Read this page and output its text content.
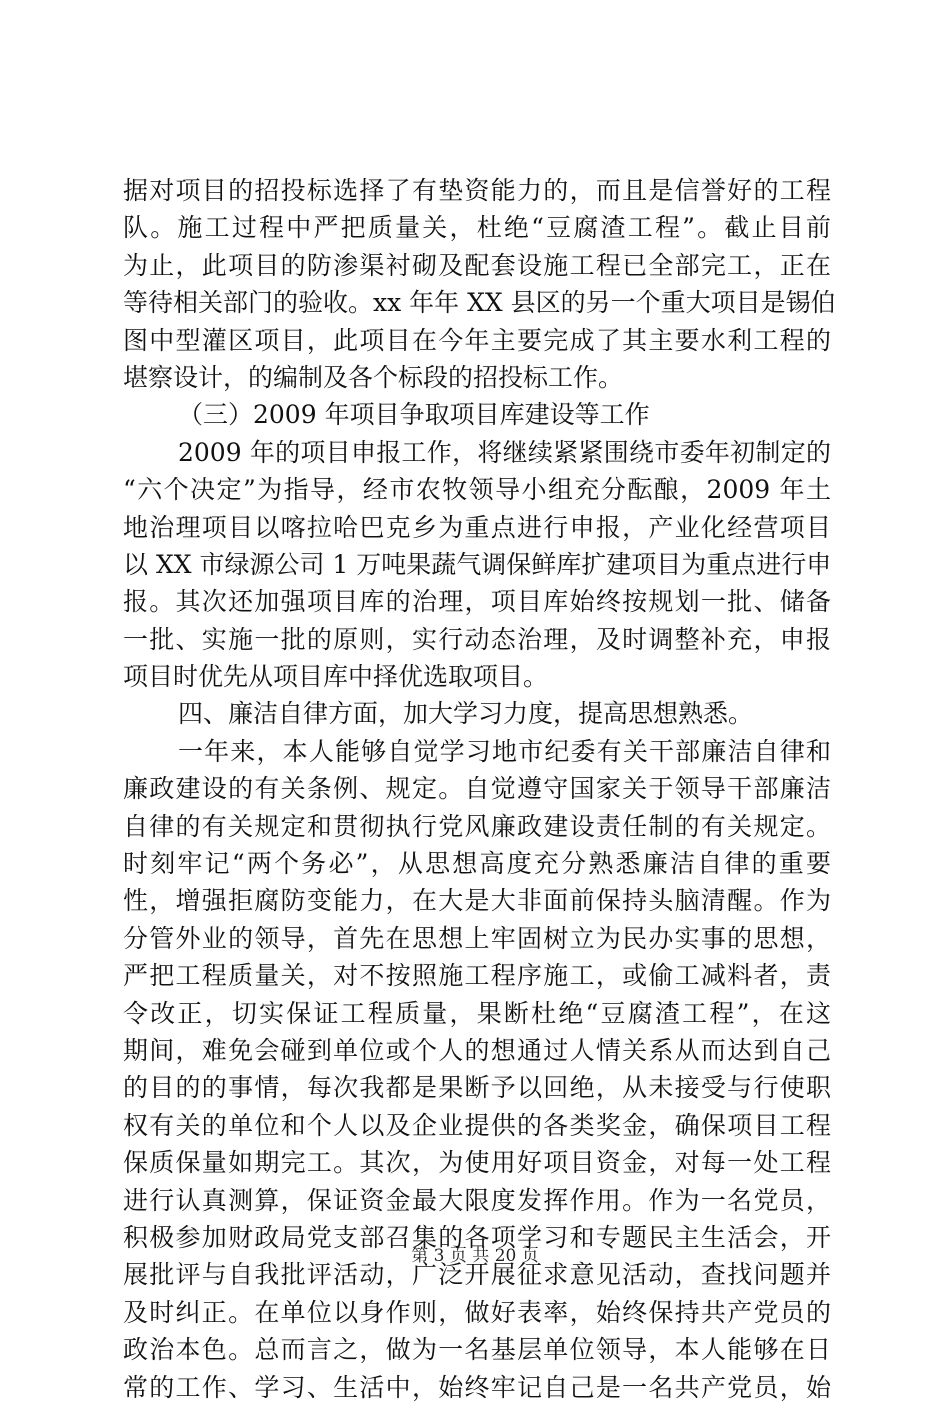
据对项目的招投标选择了有垫资能力的，而且是信誉好的工程
队。施工过程中严把质量关，杜绝“豆腐渣工程”。截止目前
为止，此项目的防渗渠衬砌及配套设施工程已全部完工，正在
等待相关部门的验收。xx 年年 XX 县区的另一个重大项目是锡伯
图中型灌区项目，此项目在今年主要完成了其主要水利工程的
堪察设计，的编制及各个标段的招投标工作。
（三）2009 年项目争取项目库建设等工作
2009 年的项目申报工作，将继续紧紧围绕市委年初制定的
“六个决定”为指导，经市农牧领导小组充分酝酿，2009 年土
地治理项目以喀拉哈巴克乡为重点进行申报，产业化经营项目
以 XX 市绿源公司 1 万吨果蔬气调保鲜库扩建项目为重点进行申
报。其次还加强项目库的治理，项目库始终按规划一批、储备
一批、实施一批的原则，实行动态治理，及时调整补充，申报
项目时优先从项目库中择优选取项目。
四、廉洁自律方面，加大学习力度，提高思想熟悉。
一年来，本人能够自觉学习地市纪委有关干部廉洁自律和
廉政建设的有关条例、规定。自觉遵守国家关于领导干部廉洁
自律的有关规定和贯彻执行党风廉政建设责任制的有关规定。
时刻牢记“两个务必”，从思想高度充分熟悉廉洁自律的重要
性，增强拒腐防变能力，在大是大非面前保持头脑清醒。作为
分管外业的领导，首先在思想上牢固树立为民办实事的思想，
严把工程质量关，对不按照施工程序施工，或偷工减料者，责
令改正，切实保证工程质量，果断杜绝“豆腐渣工程”，在这
期间，难免会碰到单位或个人的想通过人情关系从而达到自己
的目的的事情，每次我都是果断予以回绝，从未接受与行使职
权有关的单位和个人以及企业提供的各类奖金，确保项目工程
保质保量如期完工。其次，为使用好项目资金，对每一处工程
进行认真测算，保证资金最大限度发挥作用。作为一名党员，
积极参加财政局党支部召集的各项学习和专题民主生活会，开
展批评与自我批评活动，广泛开展征求意见活动，查找问题并
及时纠正。在单位以身作则，做好表率，始终保持共产党员的
政治本色。总而言之，做为一名基层单位领导，本人能够在日
常的工作、学习、生活中，始终牢记自己是一名共产党员，始
第 3 页 共 20 页
